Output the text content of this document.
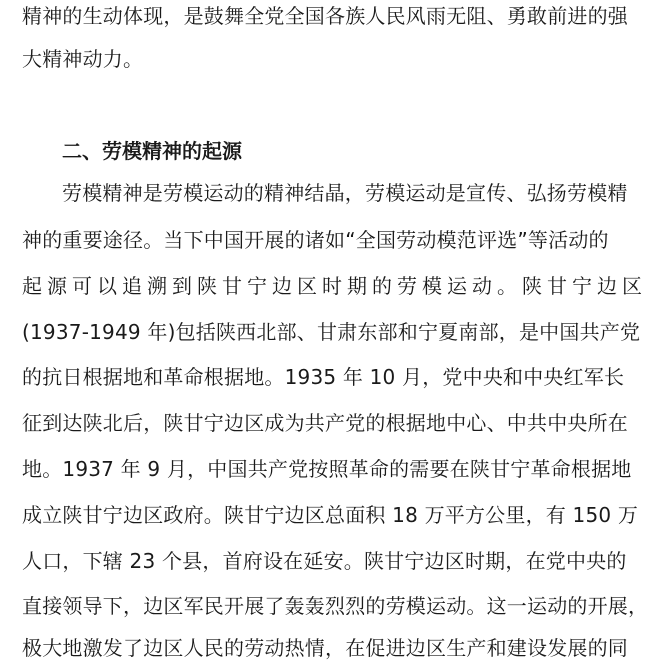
精神的生动体现，是鼓舞全党全国各族人民风雨无阻、勇敢前进的强
大精神动力。
二、劳模精神的起源
劳模精神是劳模运动的精神结晶，劳模运动是宣传、弘扬劳模精
神的重要途径。当下中国开展的诸如“全国劳动模范评选”等活动的
起源可以追溯到陕甘宁边区时期的劳模运动。陕甘宁边区
(1937-1949 年)包括陕西北部、甘肃东部和宁夏南部，是中国共产党
的抗日根据地和革命根据地。1935 年 10 月，党中央和中央红军长
征到达陕北后，陕甘宁边区成为共产党的根据地中心、中共中央所在
地。1937 年 9 月，中国共产党按照革命的需要在陕甘宁革命根据地
成立陕甘宁边区政府。陕甘宁边区总面积 18 万平方公里，有 150 万
人口，下辖 23 个县，首府设在延安。陕甘宁边区时期，在党中央的
直接领导下，边区军民开展了轰轰烈烈的劳模运动。这一运动的开展，
极大地激发了边区人民的劳动热情，在促进边区生产和建设发展的同
